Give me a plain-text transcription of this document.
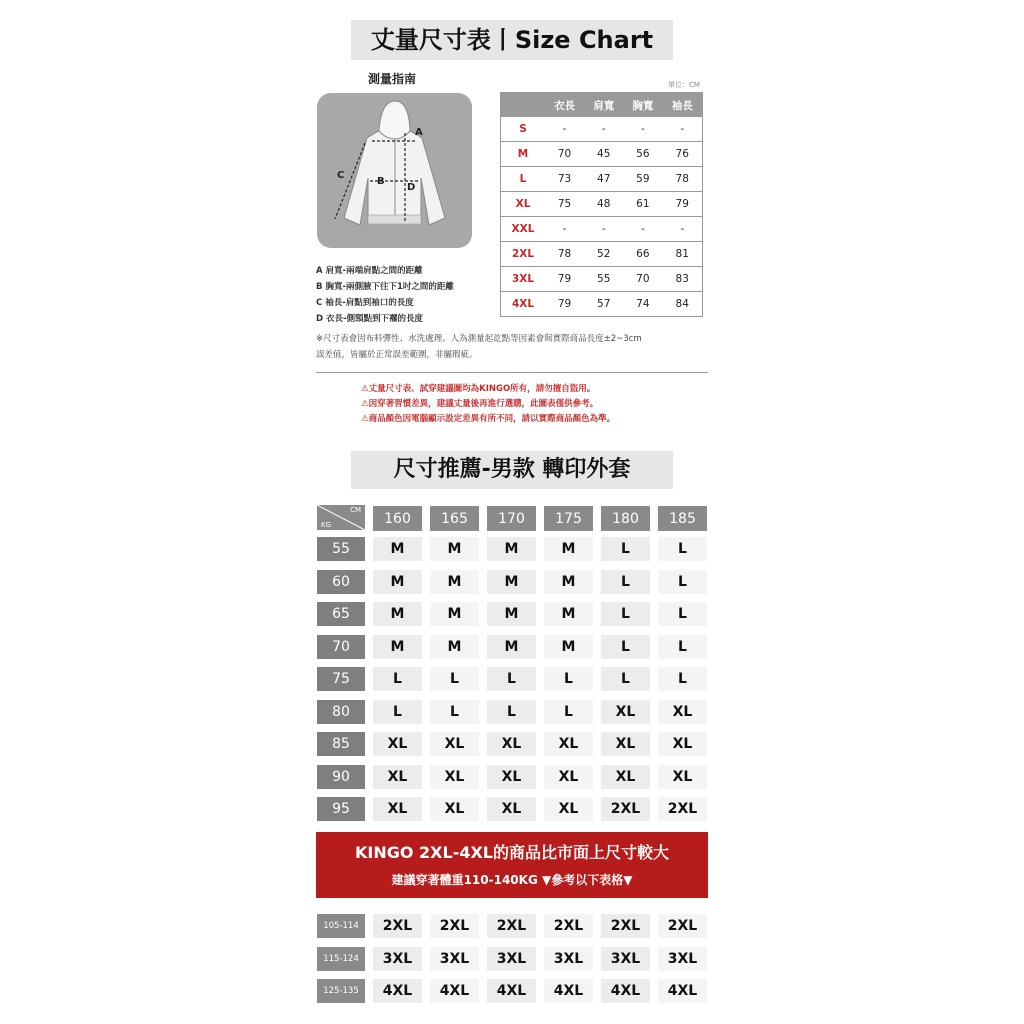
丈量尺寸表丨Size Chart
測量指南	單位：CM
A
B
C
D
	衣長	肩寬	胸寬	袖長
S	-	-	-	-
M	70	45	56	76
L	73	47	59	78
XL	75	48	61	79
XXL	-	-	-	-
2XL	78	52	66	81
3XL	79	55	70	83
4XL	79	57	74	84
A 肩寬-兩端肩點之間的距離
B 胸寬-兩側腋下往下1吋之間的距離
C 袖長-肩點到袖口的長度
D 衣長-側頸點到下襬的長度
※尺寸表會因布料彈性、水洗處理、人為測量起訖點等因素會與實際商品長度±2~3cm
誤差值，皆屬於正常誤差範圍，非屬瑕疵。
⚠丈量尺寸表、試穿建議圖均為KINGO所有，請勿擅自盜用。
⚠因穿著習慣差異，建議丈量後再進行選購，此圖表僅供參考。
⚠商品顏色因電腦顯示設定差異有所不同，請以實際商品顏色為準。
尺寸推薦-男款 轉印外套
CM
KG	160	165	170	175	180	185
55	M	M	M	M	L	L
60	M	M	M	M	L	L
65	M	M	M	M	L	L
70	M	M	M	M	L	L
75	L	L	L	L	L	L
80	L	L	L	L	XL	XL
85	XL	XL	XL	XL	XL	XL
90	XL	XL	XL	XL	XL	XL
95	XL	XL	XL	XL	2XL	2XL
KINGO 2XL-4XL的商品比市面上尺寸較大
建議穿著體重110-140KG ▼參考以下表格▼
105-114	2XL	2XL	2XL	2XL	2XL	2XL
115-124	3XL	3XL	3XL	3XL	3XL	3XL
125-135	4XL	4XL	4XL	4XL	4XL	4XL
